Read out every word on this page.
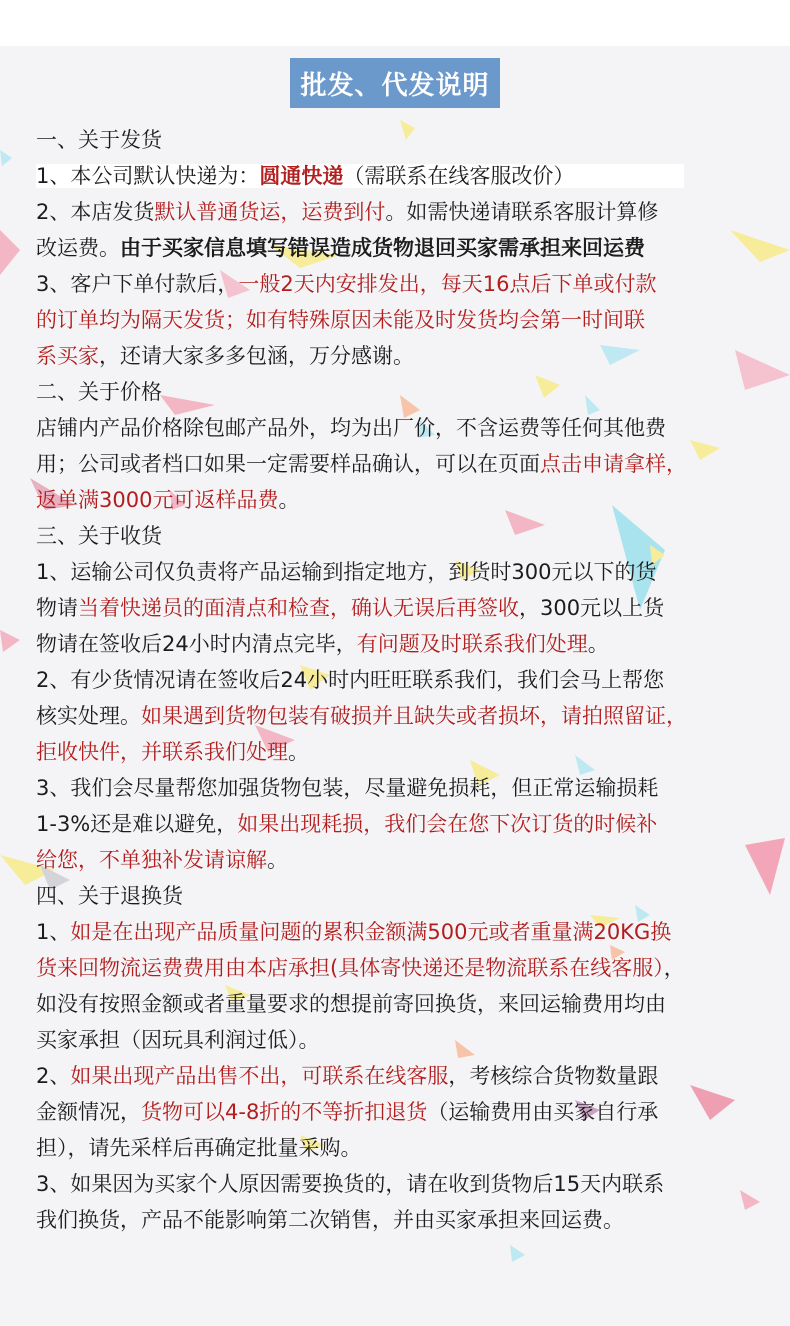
批发、代发说明
一、关于发货
1、本公司默认快递为：圆通快递（需联系在线客服改价）
2、本店发货默认普通货运，运费到付。如需快递请联系客服计算修
改运费。由于买家信息填写错误造成货物退回买家需承担来回运费
3、客户下单付款后，一般2天内安排发出，每天16点后下单或付款
的订单均为隔天发货；如有特殊原因未能及时发货均会第一时间联
系买家，还请大家多多包涵，万分感谢。
二、关于价格
店铺内产品价格除包邮产品外，均为出厂价，不含运费等任何其他费
用；公司或者档口如果一定需要样品确认，可以在页面点击申请拿样，
返单满3000元可返样品费。
三、关于收货
1、运输公司仅负责将产品运输到指定地方，到货时300元以下的货
物请当着快递员的面清点和检查，确认无误后再签收，300元以上货
物请在签收后24小时内清点完毕，有问题及时联系我们处理。
2、有少货情况请在签收后24小时内旺旺联系我们，我们会马上帮您
核实处理。如果遇到货物包装有破损并且缺失或者损坏，请拍照留证，
拒收快件，并联系我们处理。
3、我们会尽量帮您加强货物包装，尽量避免损耗，但正常运输损耗
1-3%还是难以避免，如果出现耗损，我们会在您下次订货的时候补
给您，不单独补发请谅解。
四、关于退换货
1、如是在出现产品质量问题的累积金额满500元或者重量满20KG换
货来回物流运费费用由本店承担(具体寄快递还是物流联系在线客服），
如没有按照金额或者重量要求的想提前寄回换货，来回运输费用均由
买家承担（因玩具利润过低）。
2、如果出现产品出售不出，可联系在线客服，考核综合货物数量跟
金额情况，货物可以4-8折的不等折扣退货（运输费用由买家自行承
担），请先采样后再确定批量采购。
3、如果因为买家个人原因需要换货的，请在收到货物后15天内联系
我们换货，产品不能影响第二次销售，并由买家承担来回运费。
